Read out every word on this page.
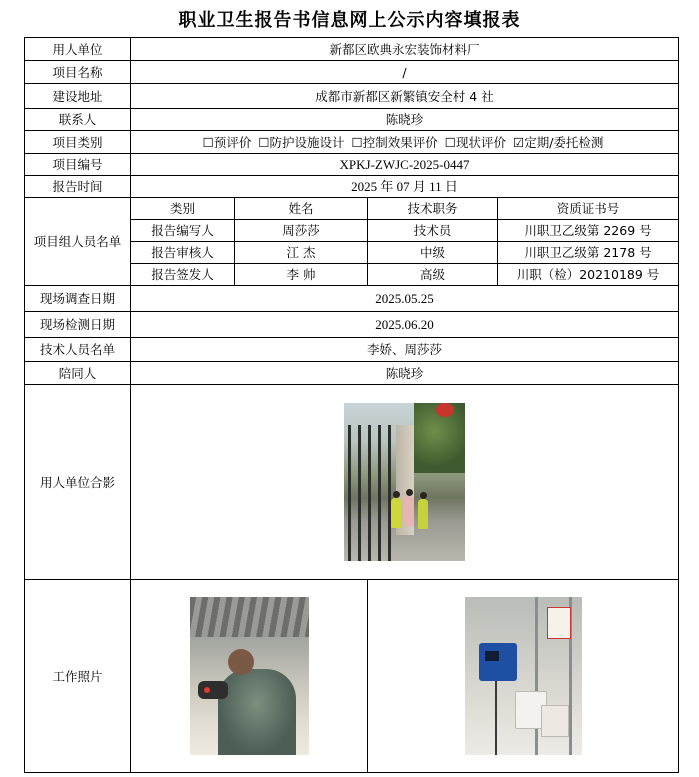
职业卫生报告书信息网上公示内容填报表
用人单位	新都区欧典永宏装饰材料厂			
项目名称	/			
建设地址	成都市新都区新繁镇安全村 4 社			
联系人	陈晓珍			
项目类别	☐预评价 ☐防护设施设计 ☐控制效果评价 ☐现状评价 ☑定期/委托检测			
项目编号	XPKJ-ZWJC-2025-0447			
报告时间	2025 年 07 月 11 日			
项目组人员名单	类别	姓名	技术职务	资质证书号
	报告编写人	周莎莎	技术员	川职卫乙级第 2269 号
	报告审核人	江 杰	中级	川职卫乙级第 2178 号
	报告签发人	李 帅	高级	川职（检）20210189 号
现场调查日期	2025.05.25			
现场检测日期	2025.06.20			
技术人员名单	李娇、周莎莎			
陪同人	陈晓珍			
用人单位合影				

工作照片			
